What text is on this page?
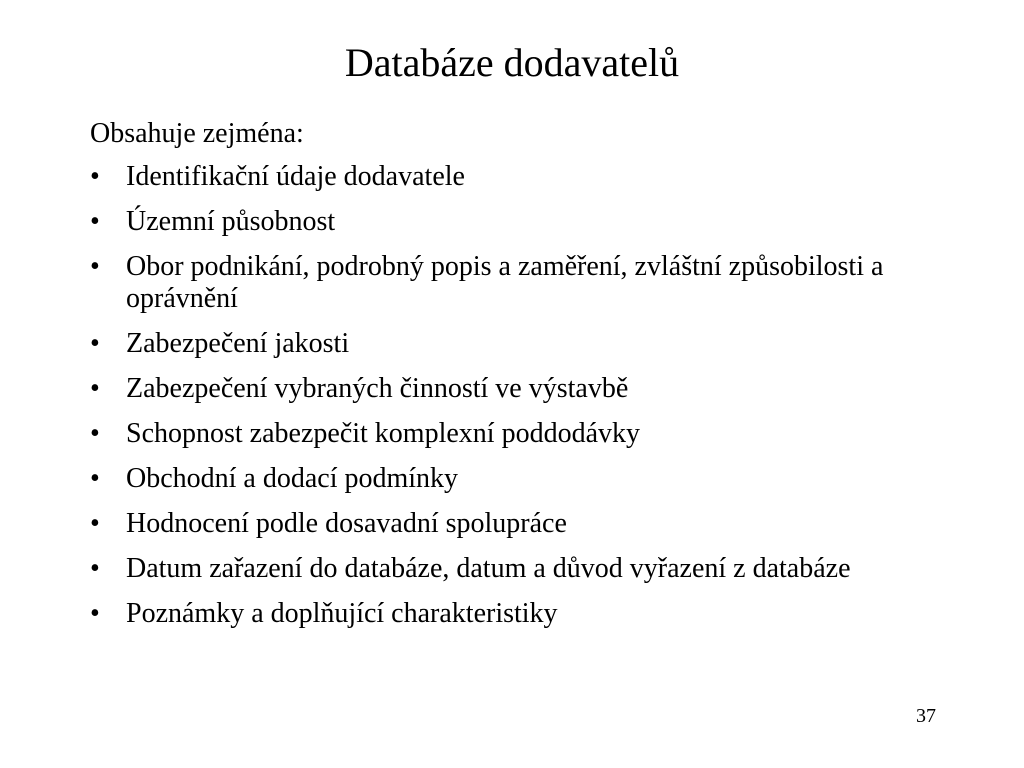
Databáze dodavatelů
Obsahuje zejména:
• Identifikační údaje dodavatele
• Územní působnost
• Obor podnikání, podrobný popis a zaměření, zvláštní způsobilosti a oprávnění
• Zabezpečení jakosti
• Zabezpečení vybraných činností ve výstavbě
• Schopnost zabezpečit komplexní poddodávky
• Obchodní a dodací podmínky
• Hodnocení podle dosavadní spolupráce
• Datum zařazení do databáze, datum a důvod vyřazení z databáze
• Poznámky a doplňující charakteristiky
37
